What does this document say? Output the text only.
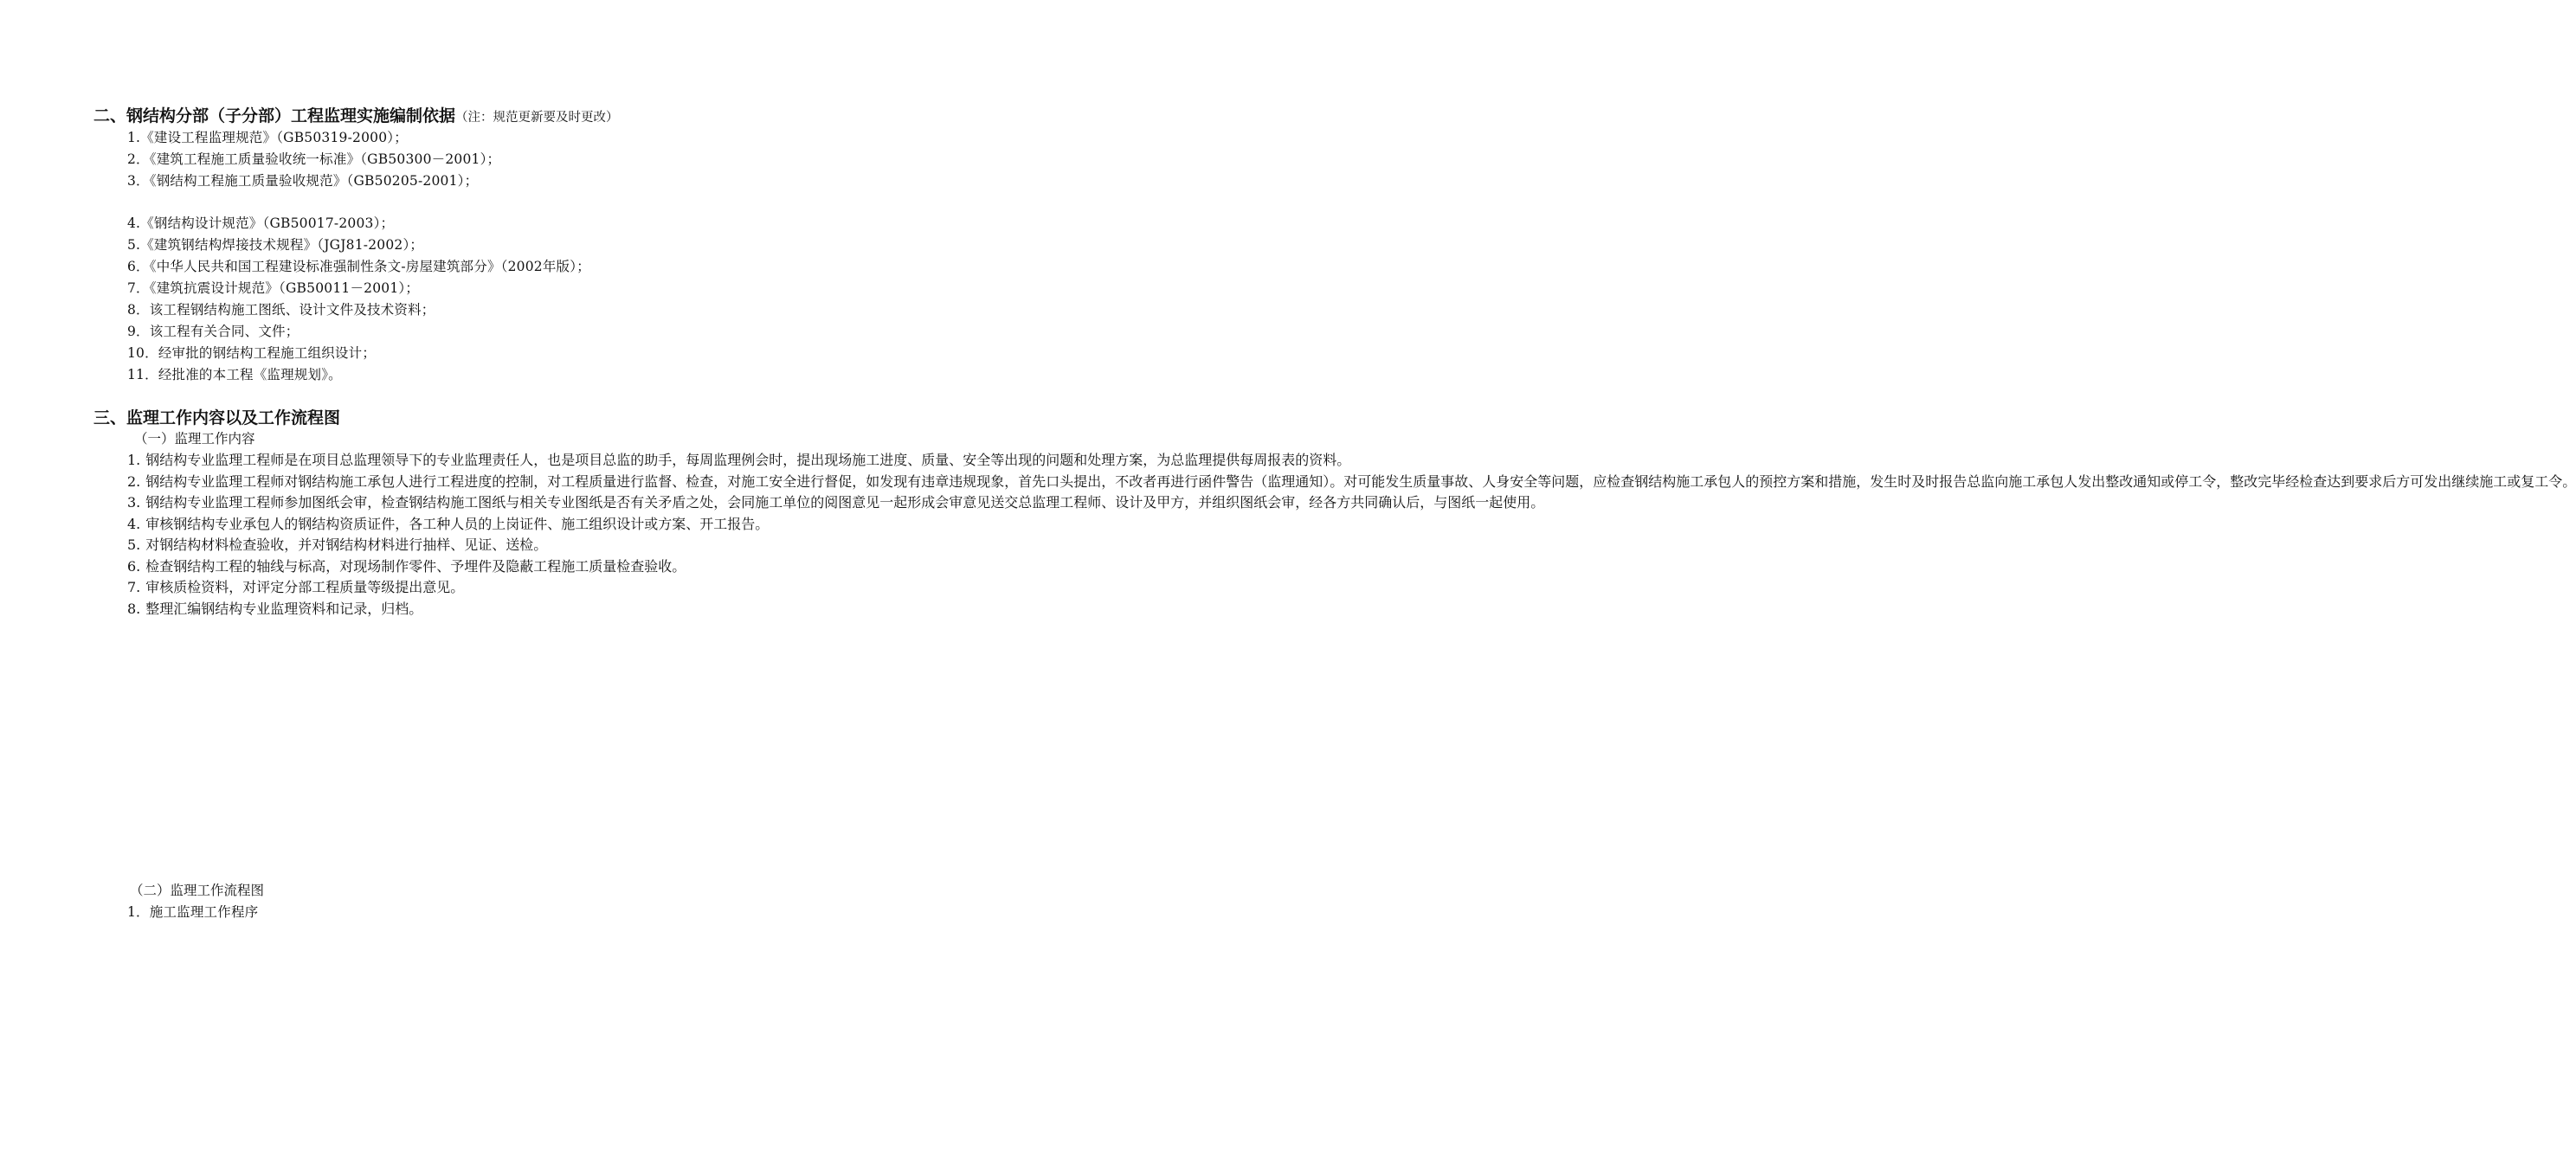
二、钢结构分部（子分部）工程监理实施编制依据（注：规范更新要及时更改）
1.《建设工程监理规范》（GB50319-2000）；
2．《建筑工程施工质量验收统一标准》（GB50300－2001）；
3．《钢结构工程施工质量验收规范》（GB50205-2001）；
4.《钢结构设计规范》（GB50017-2003）；
5.《建筑钢结构焊接技术规程》（JGJ81-2002）；
6．《中华人民共和国工程建设标准强制性条文-房屋建筑部分》（2002年版）；
7．《建筑抗震设计规范》（GB50011－2001）；
8．该工程钢结构施工图纸、设计文件及技术资料；
9．该工程有关合同、文件；
10．经审批的钢结构工程施工组织设计；
11．经批准的本工程《监理规划》。
三、监理工作内容以及工作流程图
（一）监理工作内容
1. 钢结构专业监理工程师是在项目总监理领导下的专业监理责任人，也是项目总监的助手，每周监理例会时，提出现场施工进度、质量、安全等出现的问题和处理方案，为总监理提供每周报表的资料。
2. 钢结构专业监理工程师对钢结构施工承包人进行工程进度的控制，对工程质量进行监督、检查，对施工安全进行督促，如发现有违章违规现象，首先口头提出，不改者再进行函件警告（监理通知）。对可能发生质量事故、人身安全等问题，应检查钢结构施工承包人的预控方案和措施，发生时及时报告总监向施工承包人发出整改通知或停工令，整改完毕经检查达到要求后方可发出继续施工或复工令。
3. 钢结构专业监理工程师参加图纸会审，检查钢结构施工图纸与相关专业图纸是否有关矛盾之处，会同施工单位的阅图意见一起形成会审意见送交总监理工程师、设计及甲方，并组织图纸会审，经各方共同确认后，与图纸一起使用。
4. 审核钢结构专业承包人的钢结构资质证件，各工种人员的上岗证件、施工组织设计或方案、开工报告。
5. 对钢结构材料检查验收，并对钢结构材料进行抽样、见证、送检。
6. 检查钢结构工程的轴线与标高，对现场制作零件、予埋件及隐蔽工程施工质量检查验收。
7. 审核质检资料，对评定分部工程质量等级提出意见。
8. 整理汇编钢结构专业监理资料和记录，归档。
（二）监理工作流程图
1．施工监理工作程序
